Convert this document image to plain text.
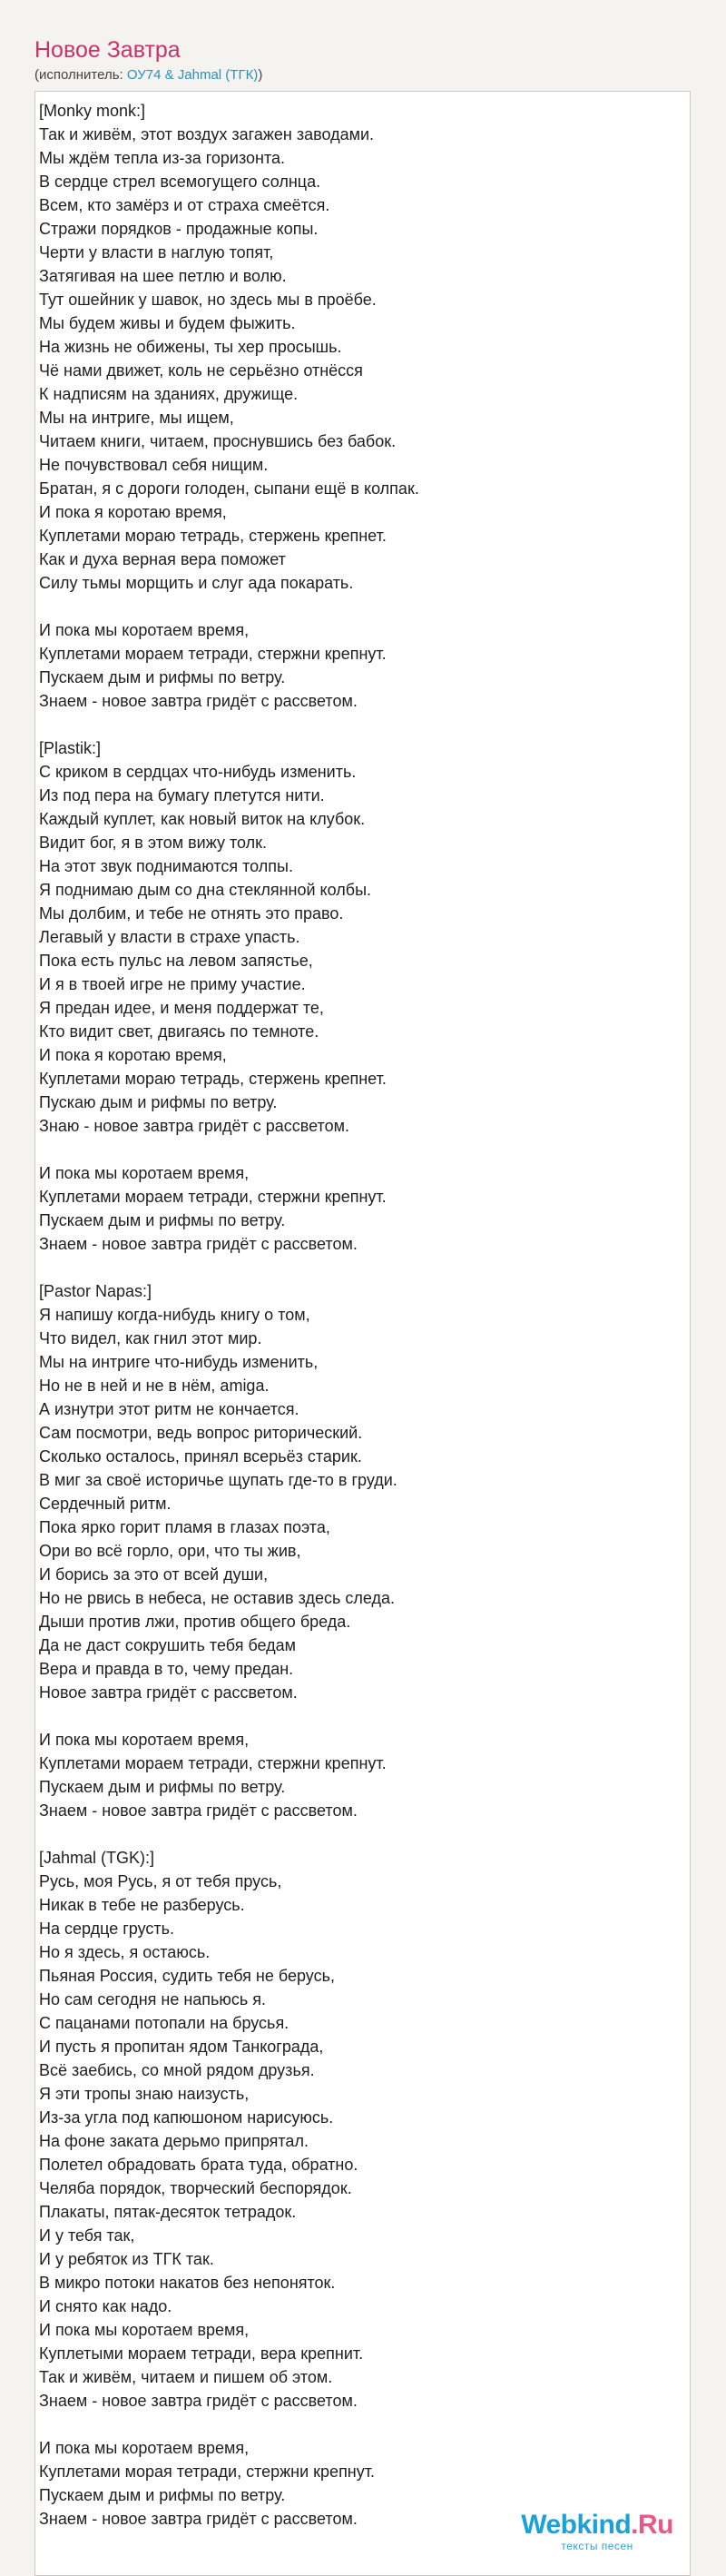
Новое Завтра
(исполнитель: ОУ74 & Jahmal (ТГК))
[Monky monk:]
Так и живём, этот воздух загажен заводами.
Мы ждём тепла из-за горизонта.
В сердце стрел всемогущего солнца.
Всем, кто замёрз и от страха смеётся.
Стражи порядков - продажные копы.
Черти у власти в наглую топят,
Затягивая на шее петлю и волю.
Тут ошейник у шавок, но здесь мы в проёбе.
Мы будем живы и будем фыжить.
На жизнь не обижены, ты хер просышь.
Чё нами движет, коль не серьёзно отнёсся
К надписям на зданиях, дружище.
Мы на интриге, мы ищем,
Читаем книги, читаем, проснувшись без бабок.
Не почувствовал себя нищим.
Братан, я с дороги голоден, сыпани ещё в колпак.
И пока я коротаю время,
Куплетами мораю тетрадь, стержень крепнет.
Как и духа верная вера поможет
Силу тьмы морщить и слуг ада покарать.
И пока мы коротаем время,
Куплетами мораем тетради, стержни крепнут.
Пускаем дым и рифмы по ветру.
Знаем - новое завтра гридёт с рассветом.
[Plastik:]
С криком в сердцах что-нибудь изменить.
Из под пера на бумагу плетутся нити.
Каждый куплет, как новый виток на клубок.
Видит бог, я в этом вижу толк.
На этот звук поднимаются толпы.
Я поднимаю дым со дна стеклянной колбы.
Мы долбим, и тебе не отнять это право.
Легавый у власти в страхе упасть.
Пока есть пульс на левом запястье,
И я в твоей игре не приму участие.
Я предан идее, и меня поддержат те,
Кто видит свет, двигаясь по темноте.
И пока я коротаю время,
Куплетами мораю тетрадь, стержень крепнет.
Пускаю дым и рифмы по ветру.
Знаю - новое завтра гридёт с рассветом.
И пока мы коротаем время,
Куплетами мораем тетради, стержни крепнут.
Пускаем дым и рифмы по ветру.
Знаем - новое завтра гридёт с рассветом.
[Pastor Napas:]
Я напишу когда-нибудь книгу о том,
Что видел, как гнил этот мир.
Мы на интриге что-нибудь изменить,
Но не в ней и не в нём, amiga.
А изнутри этот ритм не кончается.
Сам посмотри, ведь вопрос риторический.
Сколько осталось, принял всерьёз старик.
В миг за своё историчье щупать где-то в груди.
Сердечный ритм.
Пока ярко горит пламя в глазах поэта,
Ори во всё горло, ори, что ты жив,
И борись за это от всей души,
Но не рвись в небеса, не оставив здесь следа.
Дыши против лжи, против общего бреда.
Да не даст сокрушить тебя бедам
Вера и правда в то, чему предан.
Новое завтра гридёт с рассветом.
И пока мы коротаем время,
Куплетами мораем тетради, стержни крепнут.
Пускаем дым и рифмы по ветру.
Знаем - новое завтра гридёт с рассветом.
[Jahmal (TGK):]
Русь, моя Русь, я от тебя прусь,
Никак в тебе не разберусь.
На сердце грусть.
Но я здесь, я остаюсь.
Пьяная Россия, судить тебя не берусь,
Но сам сегодня не напьюсь я.
С пацанами потопали на брусья.
И пусть я пропитан ядом Танкограда,
Всё заебись, со мной рядом друзья.
Я эти тропы знаю наизусть,
Из-за угла под капюшоном нарисуюсь.
На фоне заката дерьмо припрятал.
Полетел обрадовать брата туда, обратно.
Челяба порядок, творческий беспорядок.
Плакаты, пятак-десяток тетрадок.
И у тебя так,
И у ребяток из ТГК так.
В микро потоки накатов без непоняток.
И снято как надо.
И пока мы коротаем время,
Куплетыми мораем тетради, вера крепнит.
Так и живём, читаем и пишем об этом.
Знаем - новое завтра гридёт с рассветом.
И пока мы коротаем время,
Куплетами морая тетради, стержни крепнут.
Пускаем дым и рифмы по ветру.
Знаем - новое завтра гридёт с рассветом.	Webkind.Ru
тексты песен
